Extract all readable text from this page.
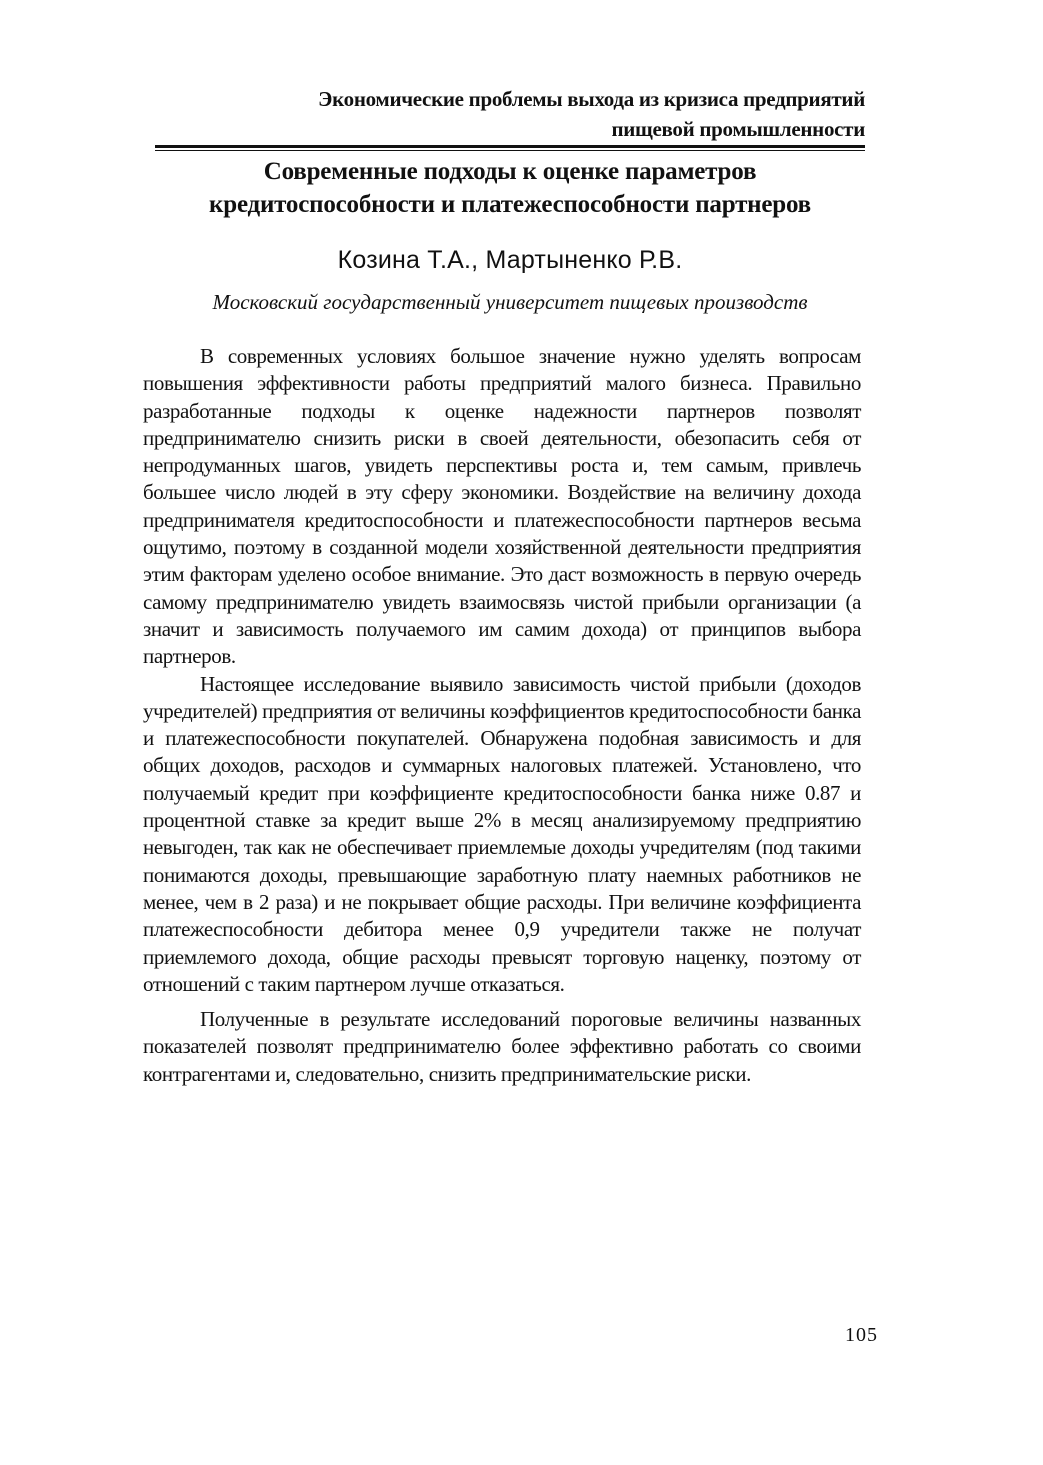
Экономические проблемы выхода из кризиса предприятий
пищевой промышленности
Современные подходы к оценке параметров
кредитоспособности и платежеспособности партнеров
Козина Т.А., Мартыненко Р.В.
Московский государственный университет пищевых производств

В современных условиях большое значение нужно уделять вопросам повышения эффективности работы предприятий малого бизнеса. Правильно разработанные подходы к оценке надежности партнеров позволят предпринимателю снизить риски в своей деятельности, обезопасить себя от непродуманных шагов, увидеть перспективы роста и, тем самым, привлечь большее число людей в эту сферу экономики. Воздействие на величину дохода предпринимателя кредитоспособности и платежеспособности партнеров весьма ощутимо, поэтому в созданной модели хозяйственной деятельности предприятия этим факторам уделено особое внимание. Это даст возможность в первую очередь самому предпринимателю увидеть взаимосвязь чистой прибыли организации (а значит и зависимость получаемого им самим дохода) от принципов выбора партнеров.

Настоящее исследование выявило зависимость чистой прибыли (доходов учредителей) предприятия от величины коэффициентов кредитоспособности банка и платежеспособности покупателей. Обнаружена подобная зависимость и для общих доходов, расходов и суммарных налоговых платежей. Установлено, что получаемый кредит при коэффициенте кредитоспособности банка ниже 0.87 и процентной ставке за кредит выше 2% в месяц анализируемому предприятию невыгоден, так как не обеспечивает приемлемые доходы учредителям (под такими понимаются доходы, превышающие заработную плату наемных работников не менее, чем в 2 раза) и не покрывает общие расходы. При величине коэффициента платежеспособности дебитора менее 0,9 учредители также не получат приемлемого дохода, общие расходы превысят торговую наценку, поэтому от отношений с таким партнером лучше отказаться.

Полученные в результате исследований пороговые величины названных показателей позволят предпринимателю более эффективно работать со своими контрагентами и, следовательно, снизить предпринимательские риски.

105
